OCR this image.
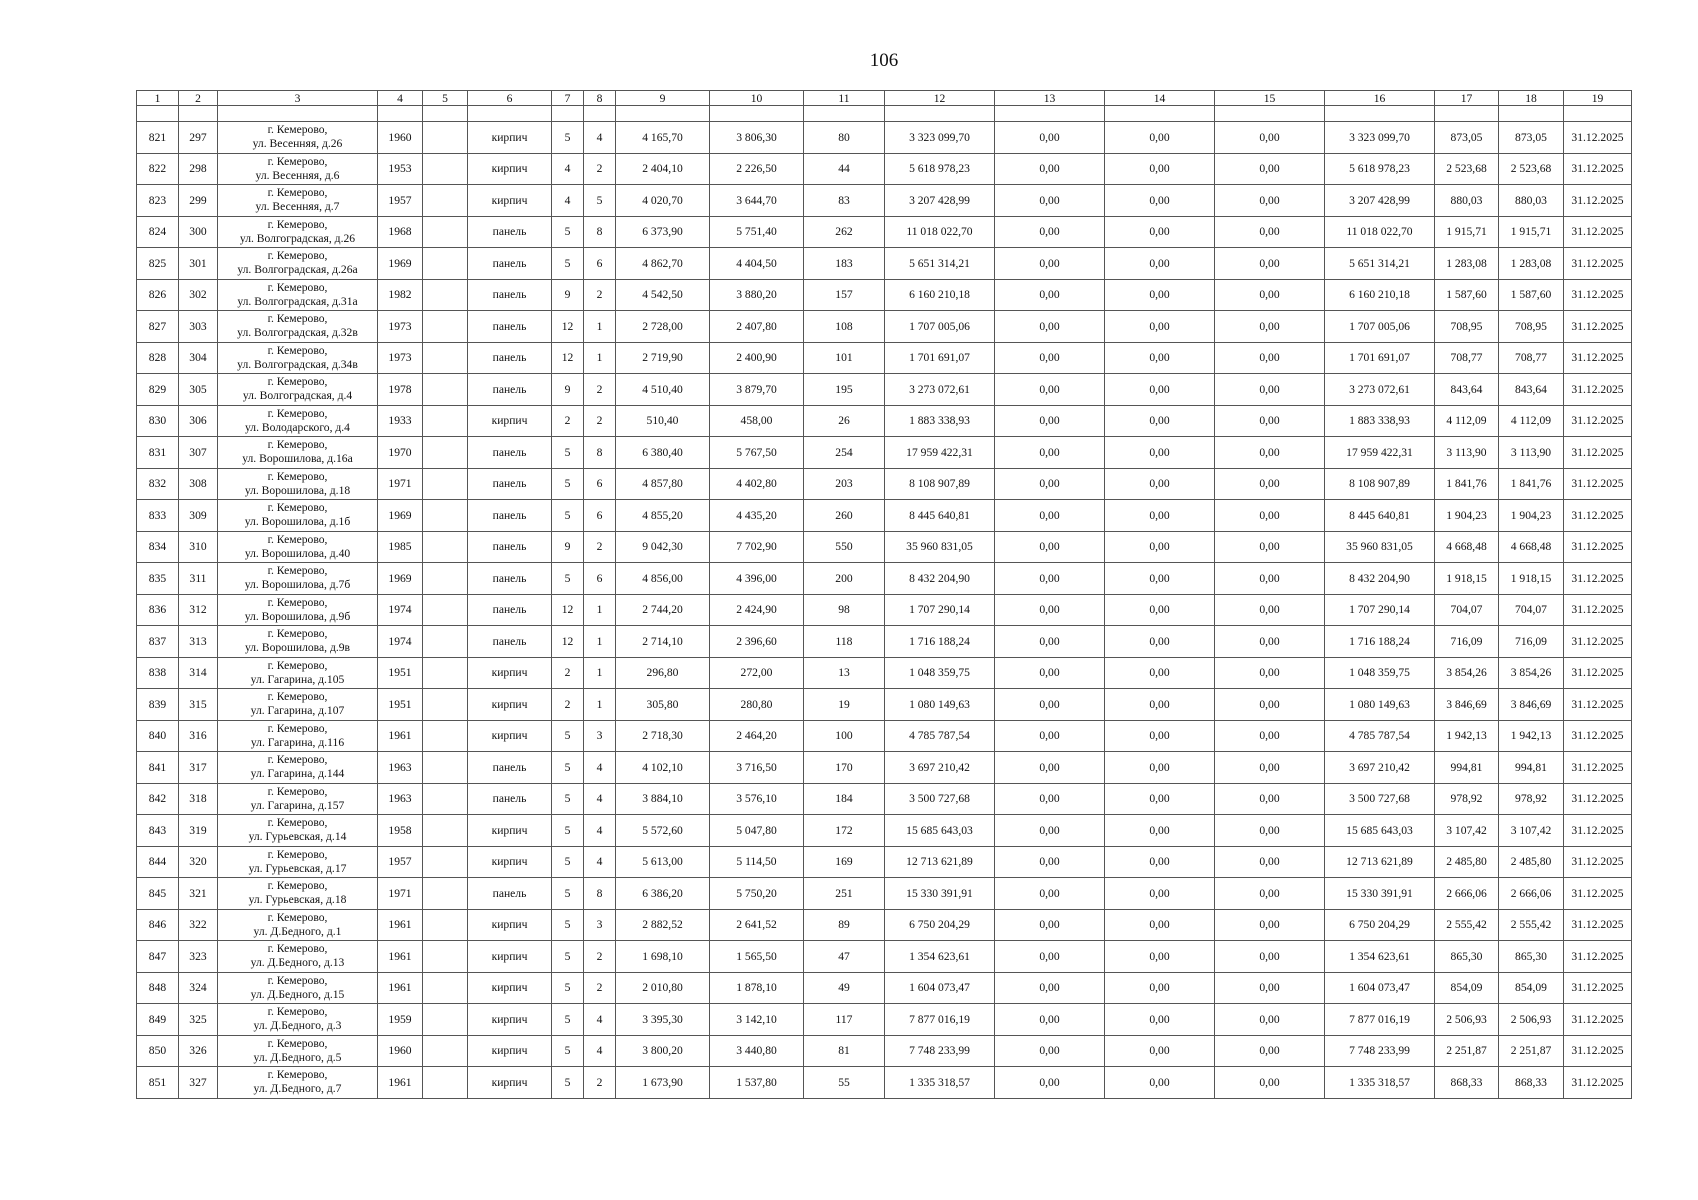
106
1	2	3	4	5	6	7	8	9	10	11	12	13	14	15	16	17	18	19

821	297	г. Кемерово,
ул. Весенняя, д.26	1960		кирпич	5	4	4 165,70	3 806,30	80	3 323 099,70	0,00	0,00	0,00	3 323 099,70	873,05	873,05	31.12.2025
822	298	г. Кемерово,
ул. Весенняя, д.6	1953		кирпич	4	2	2 404,10	2 226,50	44	5 618 978,23	0,00	0,00	0,00	5 618 978,23	2 523,68	2 523,68	31.12.2025
823	299	г. Кемерово,
ул. Весенняя, д.7	1957		кирпич	4	5	4 020,70	3 644,70	83	3 207 428,99	0,00	0,00	0,00	3 207 428,99	880,03	880,03	31.12.2025
824	300	г. Кемерово,
ул. Волгоградская, д.26	1968		панель	5	8	6 373,90	5 751,40	262	11 018 022,70	0,00	0,00	0,00	11 018 022,70	1 915,71	1 915,71	31.12.2025
825	301	г. Кемерово,
ул. Волгоградская, д.26а	1969		панель	5	6	4 862,70	4 404,50	183	5 651 314,21	0,00	0,00	0,00	5 651 314,21	1 283,08	1 283,08	31.12.2025
826	302	г. Кемерово,
ул. Волгоградская, д.31а	1982		панель	9	2	4 542,50	3 880,20	157	6 160 210,18	0,00	0,00	0,00	6 160 210,18	1 587,60	1 587,60	31.12.2025
827	303	г. Кемерово,
ул. Волгоградская, д.32в	1973		панель	12	1	2 728,00	2 407,80	108	1 707 005,06	0,00	0,00	0,00	1 707 005,06	708,95	708,95	31.12.2025
828	304	г. Кемерово,
ул. Волгоградская, д.34в	1973		панель	12	1	2 719,90	2 400,90	101	1 701 691,07	0,00	0,00	0,00	1 701 691,07	708,77	708,77	31.12.2025
829	305	г. Кемерово,
ул. Волгоградская, д.4	1978		панель	9	2	4 510,40	3 879,70	195	3 273 072,61	0,00	0,00	0,00	3 273 072,61	843,64	843,64	31.12.2025
830	306	г. Кемерово,
ул. Володарского, д.4	1933		кирпич	2	2	510,40	458,00	26	1 883 338,93	0,00	0,00	0,00	1 883 338,93	4 112,09	4 112,09	31.12.2025
831	307	г. Кемерово,
ул. Ворошилова, д.16а	1970		панель	5	8	6 380,40	5 767,50	254	17 959 422,31	0,00	0,00	0,00	17 959 422,31	3 113,90	3 113,90	31.12.2025
832	308	г. Кемерово,
ул. Ворошилова, д.18	1971		панель	5	6	4 857,80	4 402,80	203	8 108 907,89	0,00	0,00	0,00	8 108 907,89	1 841,76	1 841,76	31.12.2025
833	309	г. Кемерово,
ул. Ворошилова, д.1б	1969		панель	5	6	4 855,20	4 435,20	260	8 445 640,81	0,00	0,00	0,00	8 445 640,81	1 904,23	1 904,23	31.12.2025
834	310	г. Кемерово,
ул. Ворошилова, д.40	1985		панель	9	2	9 042,30	7 702,90	550	35 960 831,05	0,00	0,00	0,00	35 960 831,05	4 668,48	4 668,48	31.12.2025
835	311	г. Кемерово,
ул. Ворошилова, д.7б	1969		панель	5	6	4 856,00	4 396,00	200	8 432 204,90	0,00	0,00	0,00	8 432 204,90	1 918,15	1 918,15	31.12.2025
836	312	г. Кемерово,
ул. Ворошилова, д.9б	1974		панель	12	1	2 744,20	2 424,90	98	1 707 290,14	0,00	0,00	0,00	1 707 290,14	704,07	704,07	31.12.2025
837	313	г. Кемерово,
ул. Ворошилова, д.9в	1974		панель	12	1	2 714,10	2 396,60	118	1 716 188,24	0,00	0,00	0,00	1 716 188,24	716,09	716,09	31.12.2025
838	314	г. Кемерово,
ул. Гагарина, д.105	1951		кирпич	2	1	296,80	272,00	13	1 048 359,75	0,00	0,00	0,00	1 048 359,75	3 854,26	3 854,26	31.12.2025
839	315	г. Кемерово,
ул. Гагарина, д.107	1951		кирпич	2	1	305,80	280,80	19	1 080 149,63	0,00	0,00	0,00	1 080 149,63	3 846,69	3 846,69	31.12.2025
840	316	г. Кемерово,
ул. Гагарина, д.116	1961		кирпич	5	3	2 718,30	2 464,20	100	4 785 787,54	0,00	0,00	0,00	4 785 787,54	1 942,13	1 942,13	31.12.2025
841	317	г. Кемерово,
ул. Гагарина, д.144	1963		панель	5	4	4 102,10	3 716,50	170	3 697 210,42	0,00	0,00	0,00	3 697 210,42	994,81	994,81	31.12.2025
842	318	г. Кемерово,
ул. Гагарина, д.157	1963		панель	5	4	3 884,10	3 576,10	184	3 500 727,68	0,00	0,00	0,00	3 500 727,68	978,92	978,92	31.12.2025
843	319	г. Кемерово,
ул. Гурьевская, д.14	1958		кирпич	5	4	5 572,60	5 047,80	172	15 685 643,03	0,00	0,00	0,00	15 685 643,03	3 107,42	3 107,42	31.12.2025
844	320	г. Кемерово,
ул. Гурьевская, д.17	1957		кирпич	5	4	5 613,00	5 114,50	169	12 713 621,89	0,00	0,00	0,00	12 713 621,89	2 485,80	2 485,80	31.12.2025
845	321	г. Кемерово,
ул. Гурьевская, д.18	1971		панель	5	8	6 386,20	5 750,20	251	15 330 391,91	0,00	0,00	0,00	15 330 391,91	2 666,06	2 666,06	31.12.2025
846	322	г. Кемерово,
ул. Д.Бедного, д.1	1961		кирпич	5	3	2 882,52	2 641,52	89	6 750 204,29	0,00	0,00	0,00	6 750 204,29	2 555,42	2 555,42	31.12.2025
847	323	г. Кемерово,
ул. Д.Бедного, д.13	1961		кирпич	5	2	1 698,10	1 565,50	47	1 354 623,61	0,00	0,00	0,00	1 354 623,61	865,30	865,30	31.12.2025
848	324	г. Кемерово,
ул. Д.Бедного, д.15	1961		кирпич	5	2	2 010,80	1 878,10	49	1 604 073,47	0,00	0,00	0,00	1 604 073,47	854,09	854,09	31.12.2025
849	325	г. Кемерово,
ул. Д.Бедного, д.3	1959		кирпич	5	4	3 395,30	3 142,10	117	7 877 016,19	0,00	0,00	0,00	7 877 016,19	2 506,93	2 506,93	31.12.2025
850	326	г. Кемерово,
ул. Д.Бедного, д.5	1960		кирпич	5	4	3 800,20	3 440,80	81	7 748 233,99	0,00	0,00	0,00	7 748 233,99	2 251,87	2 251,87	31.12.2025
851	327	г. Кемерово,
ул. Д.Бедного, д.7	1961		кирпич	5	2	1 673,90	1 537,80	55	1 335 318,57	0,00	0,00	0,00	1 335 318,57	868,33	868,33	31.12.2025
